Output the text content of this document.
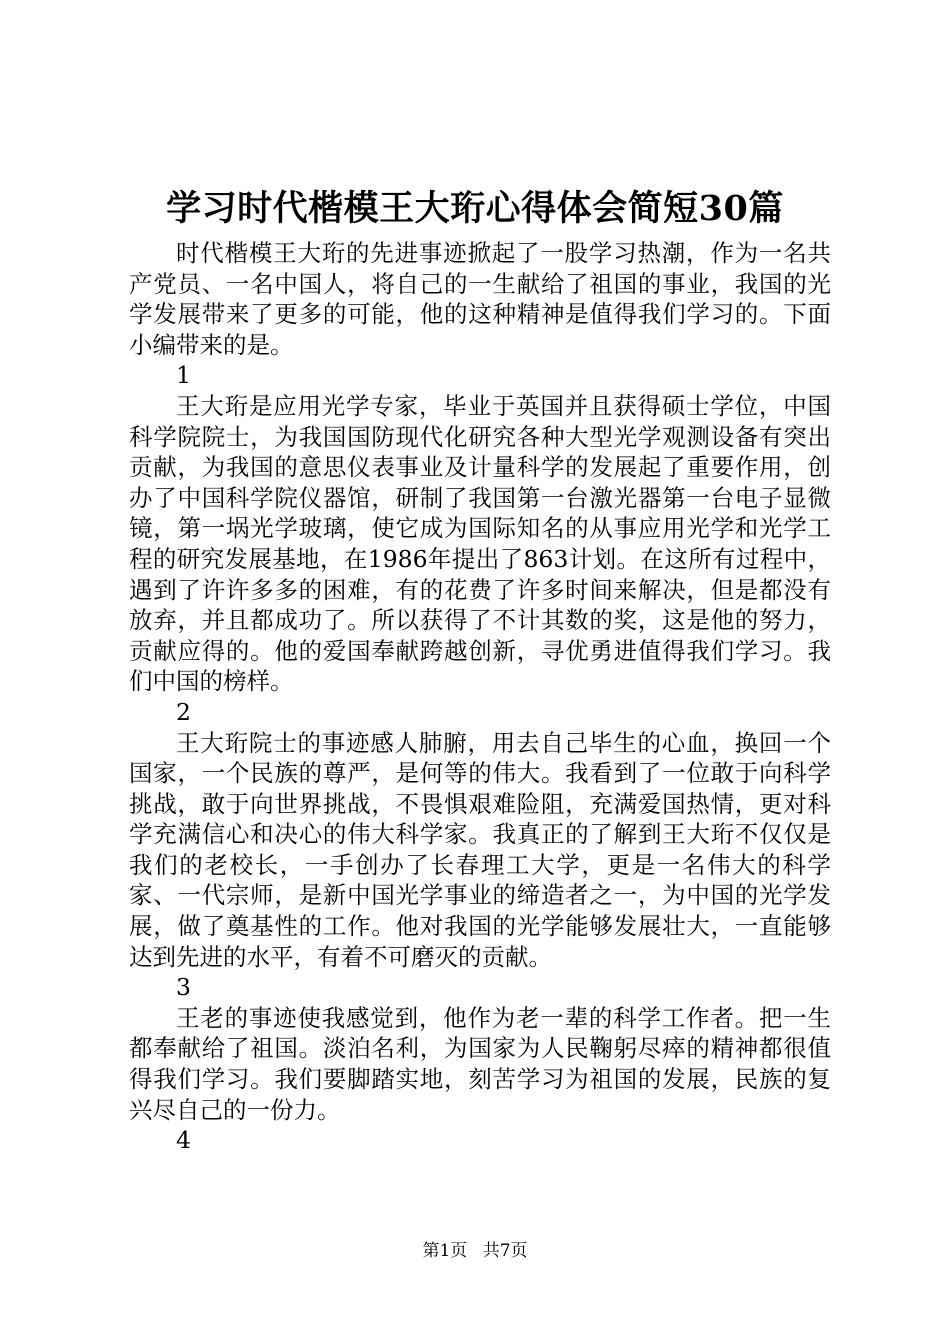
学习时代楷模王大珩心得体会简短30篇

时代楷模王大珩的先进事迹掀起了一股学习热潮，作为一名共产党员、一名中国人，将自己的一生献给了祖国的事业，我国的光学发展带来了更多的可能，他的这种精神是值得我们学习的。下面小编带来的是。

1

王大珩是应用光学专家，毕业于英国并且获得硕士学位，中国科学院院士，为我国国防现代化研究各种大型光学观测设备有突出贡献，为我国的意思仪表事业及计量科学的发展起了重要作用，创办了中国科学院仪器馆，研制了我国第一台激光器第一台电子显微镜，第一埚光学玻璃，使它成为国际知名的从事应用光学和光学工程的研究发展基地，在1986年提出了863计划。在这所有过程中，遇到了许许多多的困难，有的花费了许多时间来解决，但是都没有放弃，并且都成功了。所以获得了不计其数的奖，这是他的努力，贡献应得的。他的爱国奉献跨越创新，寻优勇进值得我们学习。我们中国的榜样。

2

王大珩院士的事迹感人肺腑，用去自己毕生的心血，换回一个国家，一个民族的尊严，是何等的伟大。我看到了一位敢于向科学挑战，敢于向世界挑战，不畏惧艰难险阻，充满爱国热情，更对科学充满信心和决心的伟大科学家。我真正的了解到王大珩不仅仅是我们的老校长，一手创办了长春理工大学，更是一名伟大的科学家、一代宗师，是新中国光学事业的缔造者之一，为中国的光学发展，做了奠基性的工作。他对我国的光学能够发展壮大，一直能够达到先进的水平，有着不可磨灭的贡献。

3

王老的事迹使我感觉到，他作为老一辈的科学工作者。把一生都奉献给了祖国。淡泊名利，为国家为人民鞠躬尽瘁的精神都很值得我们学习。我们要脚踏实地，刻苦学习为祖国的发展，民族的复兴尽自己的一份力。

4

第1页 共7页
